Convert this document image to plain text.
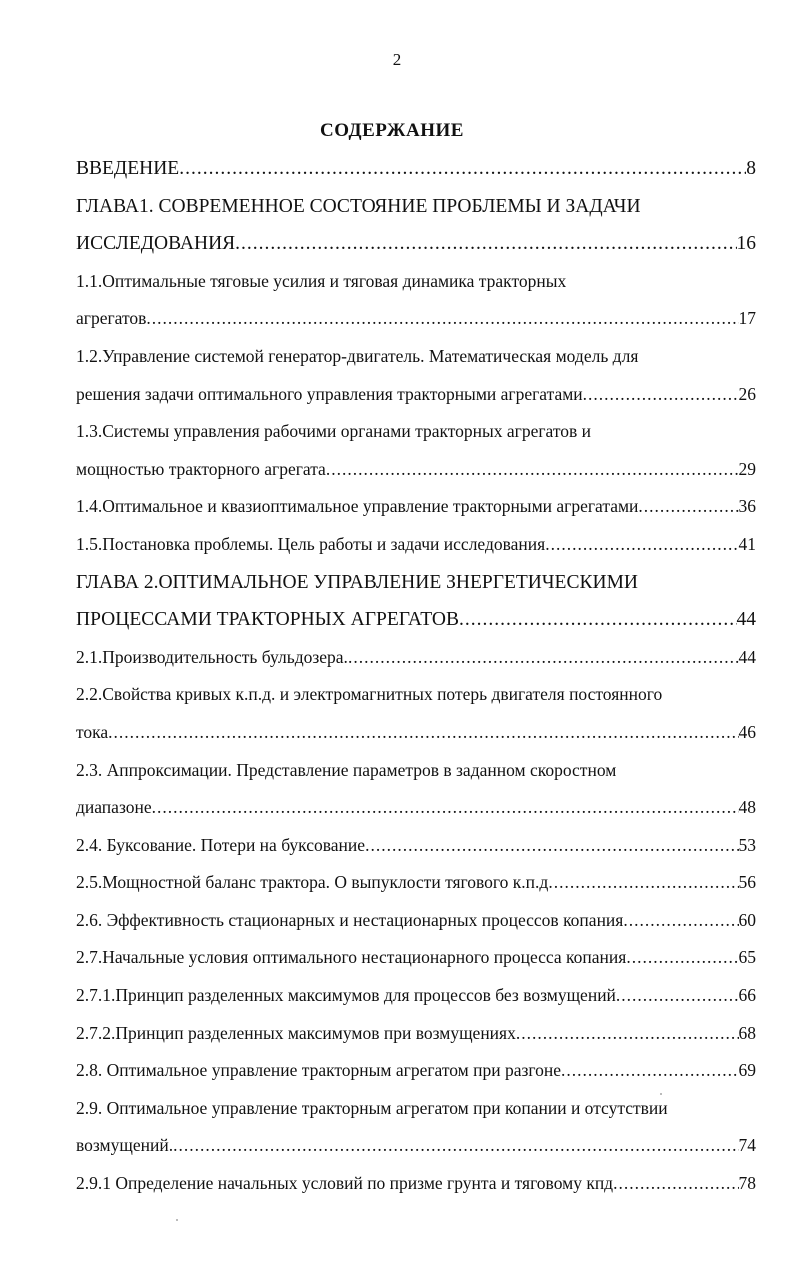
2
СОДЕРЖАНИЕ
ВВЕДЕНИЕ .....	8
ГЛАВА1. СОВРЕМЕННОЕ СОСТОЯНИЕ ПРОБЛЕМЫ И ЗАДАЧИ
ИССЛЕДОВАНИЯ .....	16
1.1.Оптимальные тяговые усилия и тяговая динамика тракторных
агрегатов .....	17
1.2.Управление системой генератор-двигатель. Математическая модель для
решения задачи оптимального управления тракторными агрегатами .....	26
1.3.Системы управления рабочими органами тракторных агрегатов и
мощностью тракторного агрегата .....	29
1.4.Оптимальное и квазиоптимальное управление тракторными агрегатами .....	36
1.5.Постановка проблемы. Цель работы и задачи исследования .....	41
ГЛАВА 2.ОПТИМАЛЬНОЕ УПРАВЛЕНИЕ ЗНЕРГЕТИЧЕСКИМИ
ПРОЦЕССАМИ ТРАКТОРНЫХ АГРЕГАТОВ .....	44
2.1.Производительность бульдозера. .....	44
2.2.Свойства кривых к.п.д. и электромагнитных потерь двигателя постоянного
тока .....	46
2.3. Аппроксимации. Представление параметров в заданном скоростном
диапазоне .....	48
2.4. Буксование. Потери на буксование .....	53
2.5.Мощностной баланс трактора. О выпуклости тягового к.п.д .....	56
2.6. Эффективность стационарных и нестационарных процессов копания .....	60
2.7.Начальные условия оптимального нестационарного процесса копания .....	65
2.7.1.Принцип разделенных максимумов для процессов без возмущений .....	66
2.7.2.Принцип разделенных максимумов при возмущениях .....	68
2.8. Оптимальное управление тракторным агрегатом при разгоне .....	69
2.9. Оптимальное управление тракторным агрегатом при копании и отсутствии
возмущений. .....	74
2.9.1 Определение начальных условий по призме грунта и тяговому кпд .....	78
